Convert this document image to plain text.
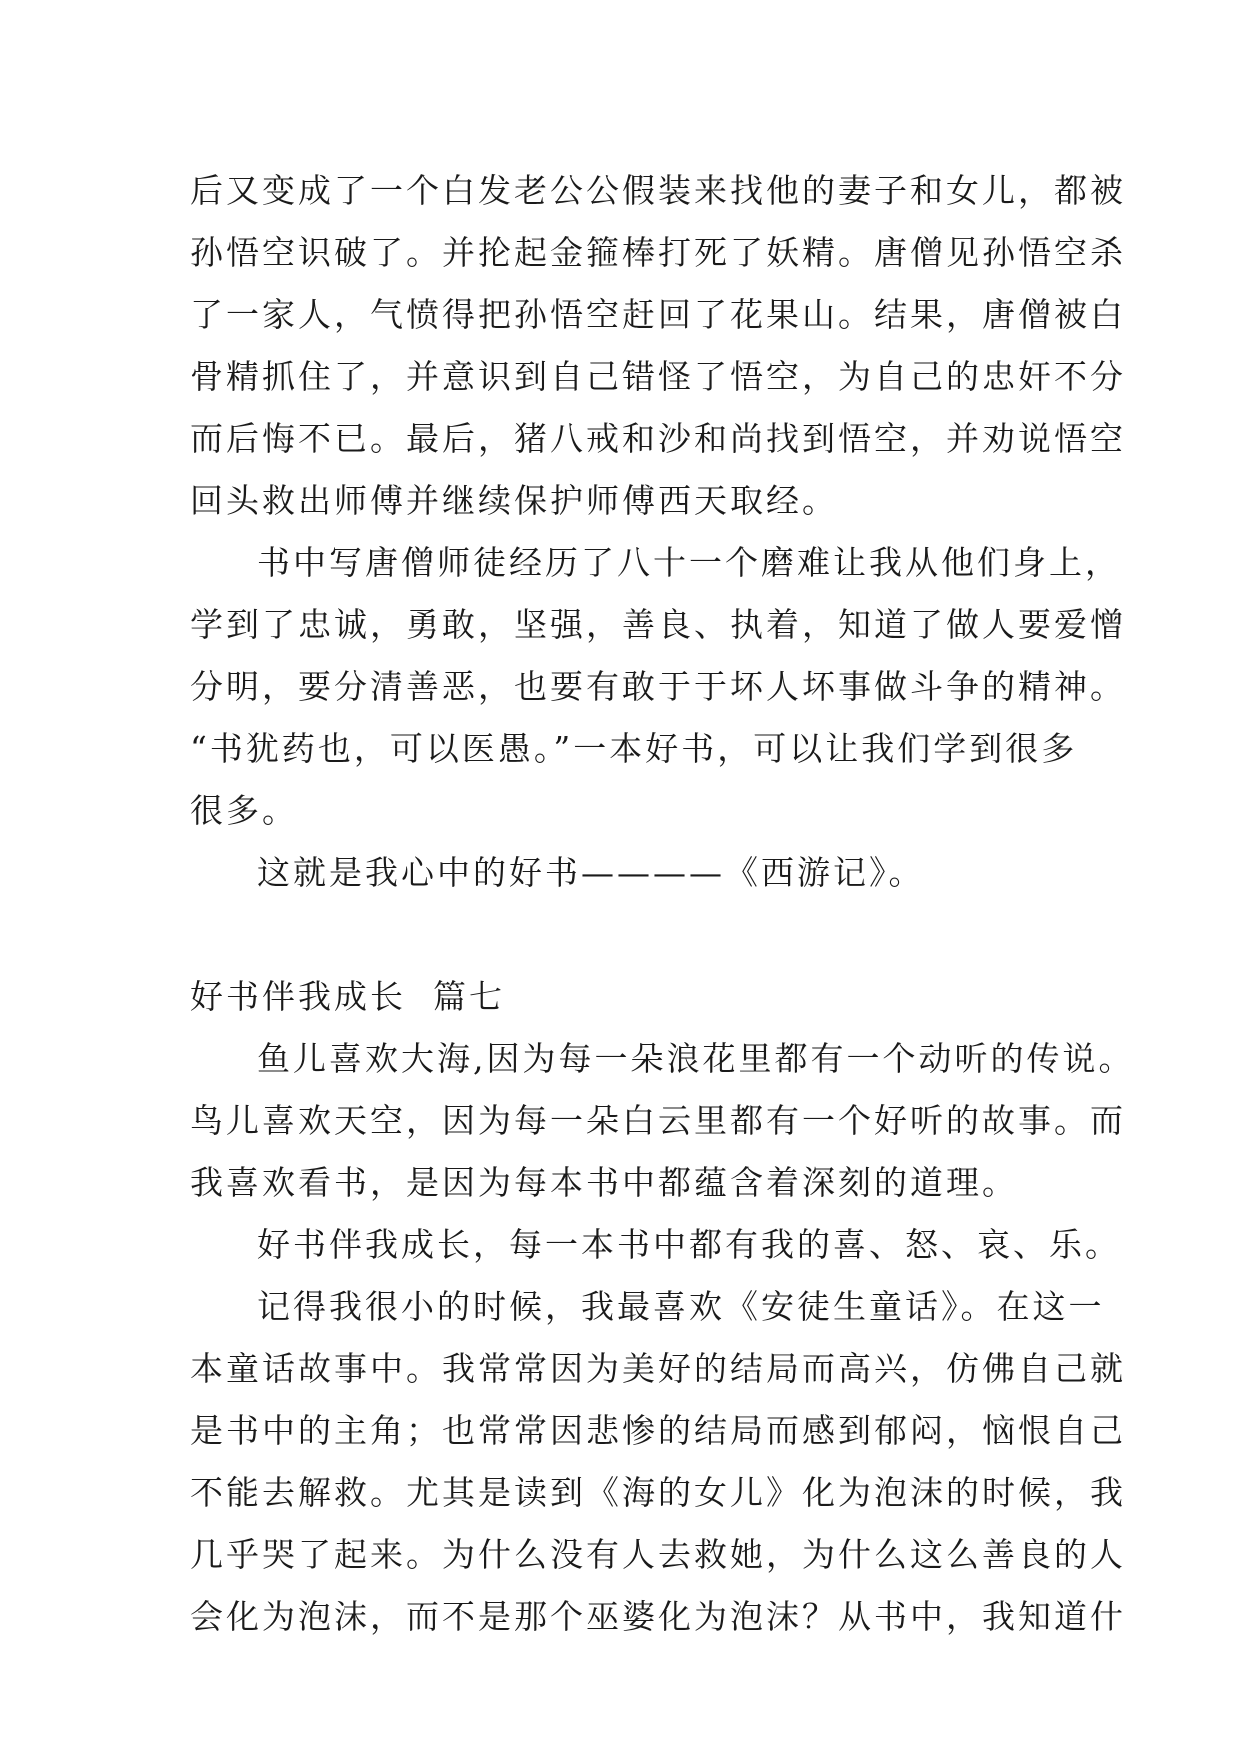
后又变成了一个白发老公公假装来找他的妻子和女儿，都被
孙悟空识破了。并抡起金箍棒打死了妖精。唐僧见孙悟空杀
了一家人，气愤得把孙悟空赶回了花果山。结果，唐僧被白
骨精抓住了，并意识到自己错怪了悟空，为自己的忠奸不分
而后悔不已。最后，猪八戒和沙和尚找到悟空，并劝说悟空
回头救出师傅并继续保护师傅西天取经。
书中写唐僧师徒经历了八十一个磨难让我从他们身上，
学到了忠诚，勇敢，坚强，善良、执着，知道了做人要爱憎
分明，要分清善恶，也要有敢于于坏人坏事做斗争的精神。
“书犹药也，可以医愚。”一本好书，可以让我们学到很多
很多。
这就是我心中的好书————《西游记》。
好书伴我成长  篇七
鱼儿喜欢大海,因为每一朵浪花里都有一个动听的传说。
鸟儿喜欢天空，因为每一朵白云里都有一个好听的故事。而
我喜欢看书，是因为每本书中都蕴含着深刻的道理。
好书伴我成长，每一本书中都有我的喜、怒、哀、乐。
记得我很小的时候，我最喜欢《安徒生童话》。在这一
本童话故事中。我常常因为美好的结局而高兴，仿佛自己就
是书中的主角；也常常因悲惨的结局而感到郁闷，恼恨自己
不能去解救。尤其是读到《海的女儿》化为泡沫的时候，我
几乎哭了起来。为什么没有人去救她，为什么这么善良的人
会化为泡沫，而不是那个巫婆化为泡沫？从书中，我知道什
